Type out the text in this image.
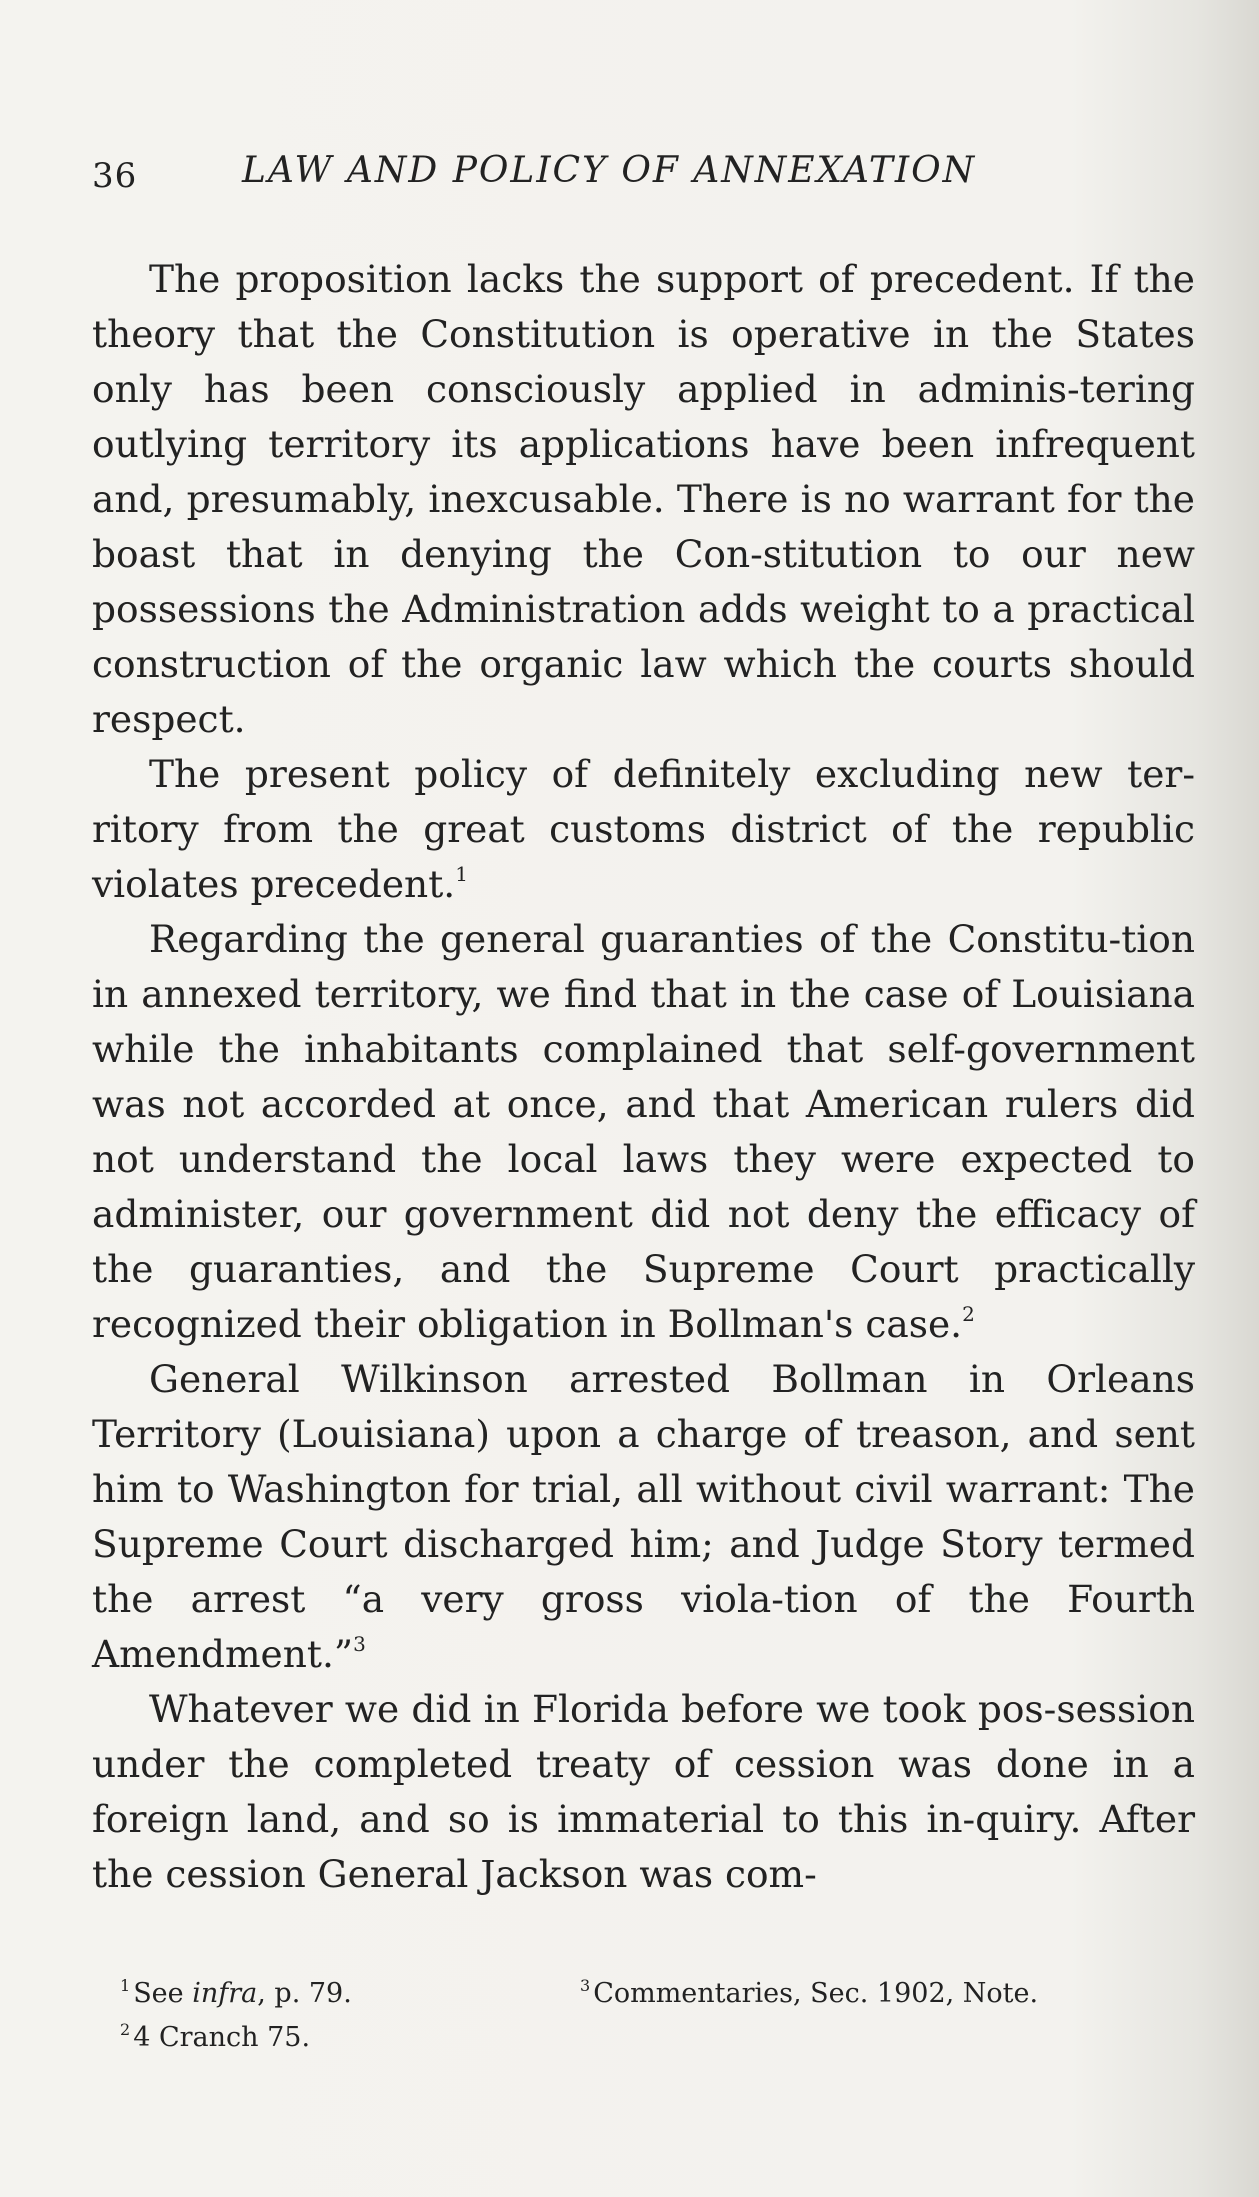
36	LAW AND POLICY OF ANNEXATION

The proposition lacks the support of precedent. If the theory that the Constitution is operative in the States only has been consciously applied in adminis-tering outlying territory its applications have been infrequent and, presumably, inexcusable. There is no warrant for the boast that in denying the Con-stitution to our new possessions the Administration adds weight to a practical construction of the organic law which the courts should respect.

The present policy of definitely excluding new ter-ritory from the great customs district of the republic violates precedent.$^1$

Regarding the general guaranties of the Constitu-tion in annexed territory, we find that in the case of Louisiana while the inhabitants complained that self-government was not accorded at once, and that American rulers did not understand the local laws they were expected to administer, our government did not deny the efficacy of the guaranties, and the Supreme Court practically recognized their obligation in Bollman's case.$^2$

General Wilkinson arrested Bollman in Orleans Territory (Louisiana) upon a charge of treason, and sent him to Washington for trial, all without civil warrant: The Supreme Court discharged him; and Judge Story termed the arrest “a very gross viola-tion of the Fourth Amendment.”$^3$

Whatever we did in Florida before we took pos-session under the completed treaty of cession was done in a foreign land, and so is immaterial to this in-quiry. After the cession General Jackson was com-

$^1$ See infra, p. 79.	$^3$ Commentaries, Sec. 1902, Note.
$^2$ 4 Cranch 75.
